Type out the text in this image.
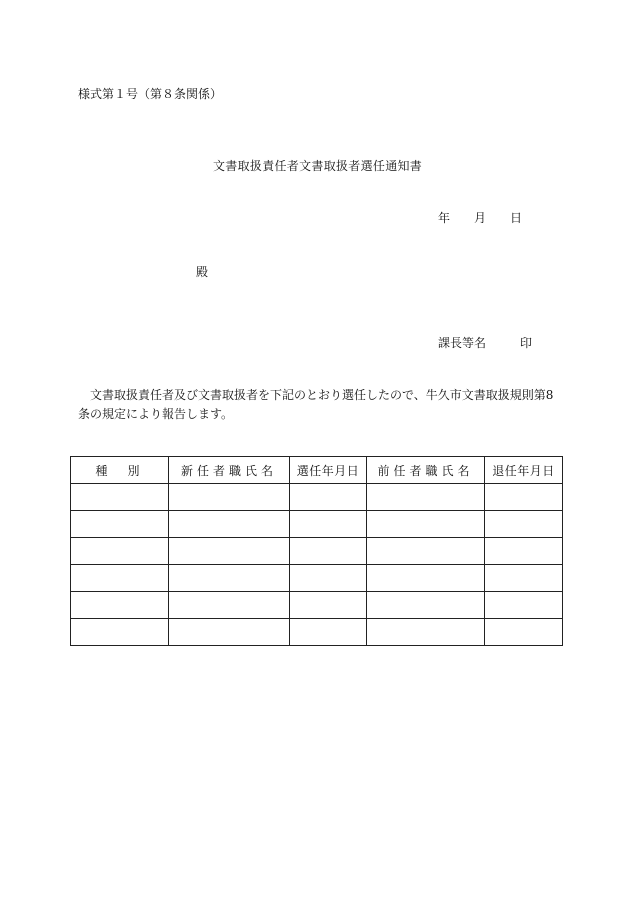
様式第１号（第８条関係）
文書取扱責任者文書取扱者選任通知書
年 月 日
殿
課長等名	印
文書取扱責任者及び文書取扱者を下記のとおり選任したので、牛久市文書取扱規則第8条の規定により報告します。
種　別	新任者職氏名	選任年月日	前任者職氏名	退任年月日
